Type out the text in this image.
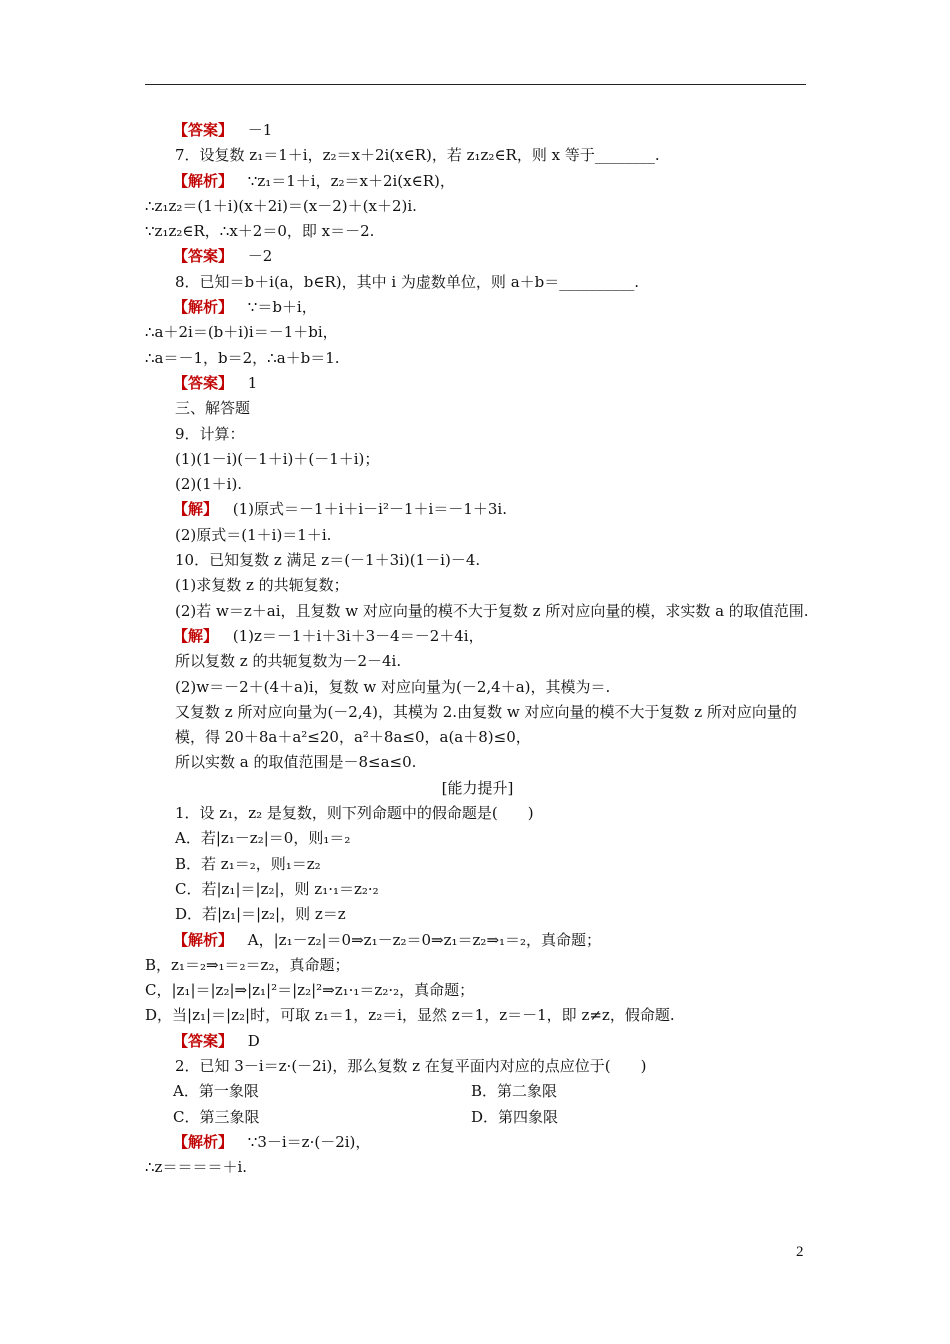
【答案】 －1
7．设复数 z₁＝1＋i，z₂＝x＋2i(x∈R)，若 z₁z₂∈R，则 x 等于________.
【解析】 ∵z₁＝1＋i，z₂＝x＋2i(x∈R)，
∴z₁z₂＝(1＋i)(x＋2i)＝(x－2)＋(x＋2)i.
∵z₁z₂∈R，∴x＋2＝0，即 x＝－2.
【答案】 －2
8．已知＝b＋i(a，b∈R)，其中 i 为虚数单位，则 a＋b＝__________.
【解析】 ∵＝b＋i，
∴a＋2i＝(b＋i)i＝－1＋bi，
∴a＝－1，b＝2，∴a＋b＝1.
【答案】 1
三、解答题
9．计算：
(1)(1－i)(－1＋i)＋(－1＋i)；
(2)(1＋i).
【解】 (1)原式＝－1＋i＋i－i²－1＋i＝－1＋3i.
(2)原式＝(1＋i)＝1＋i.
10．已知复数 z 满足 z＝(－1＋3i)(1－i)－4.
(1)求复数 z 的共轭复数；
(2)若 w＝z＋ai，且复数 w 对应向量的模不大于复数 z 所对应向量的模，求实数 a 的取值范围.
【解】 (1)z＝－1＋i＋3i＋3－4＝－2＋4i，
所以复数 z 的共轭复数为－2－4i.
(2)w＝－2＋(4＋a)i，复数 w 对应向量为(－2,4＋a)，其模为＝.
又复数 z 所对应向量为(－2,4)，其模为 2.由复数 w 对应向量的模不大于复数 z 所对应向量的模，得 20＋8a＋a²≤20，a²＋8a≤0，a(a＋8)≤0，
所以实数 a 的取值范围是－8≤a≤0.
[能力提升]
1．设 z₁，z₂ 是复数，则下列命题中的假命题是(　　)
A．若|z₁－z₂|＝0，则₁＝₂
B．若 z₁＝₂，则₁＝z₂
C．若|z₁|＝|z₂|，则 z₁·₁＝z₂·₂
D．若|z₁|＝|z₂|，则 z＝z
【解析】 A，|z₁－z₂|＝0⇒z₁－z₂＝0⇒z₁＝z₂⇒₁＝₂，真命题；
B，z₁＝₂⇒₁＝₂＝z₂，真命题；
C，|z₁|＝|z₂|⇒|z₁|²＝|z₂|²⇒z₁·₁＝z₂·₂，真命题；
D，当|z₁|＝|z₂|时，可取 z₁＝1，z₂＝i，显然 z＝1，z＝－1，即 z≠z，假命题.
【答案】 D
2．已知 3－i＝z·(－2i)，那么复数 z 在复平面内对应的点应位于(　　)
A．第一象限	B．第二象限
C．第三象限	D．第四象限
【解析】 ∵3－i＝z·(－2i)，
∴z＝＝＝＝＋i.
2
